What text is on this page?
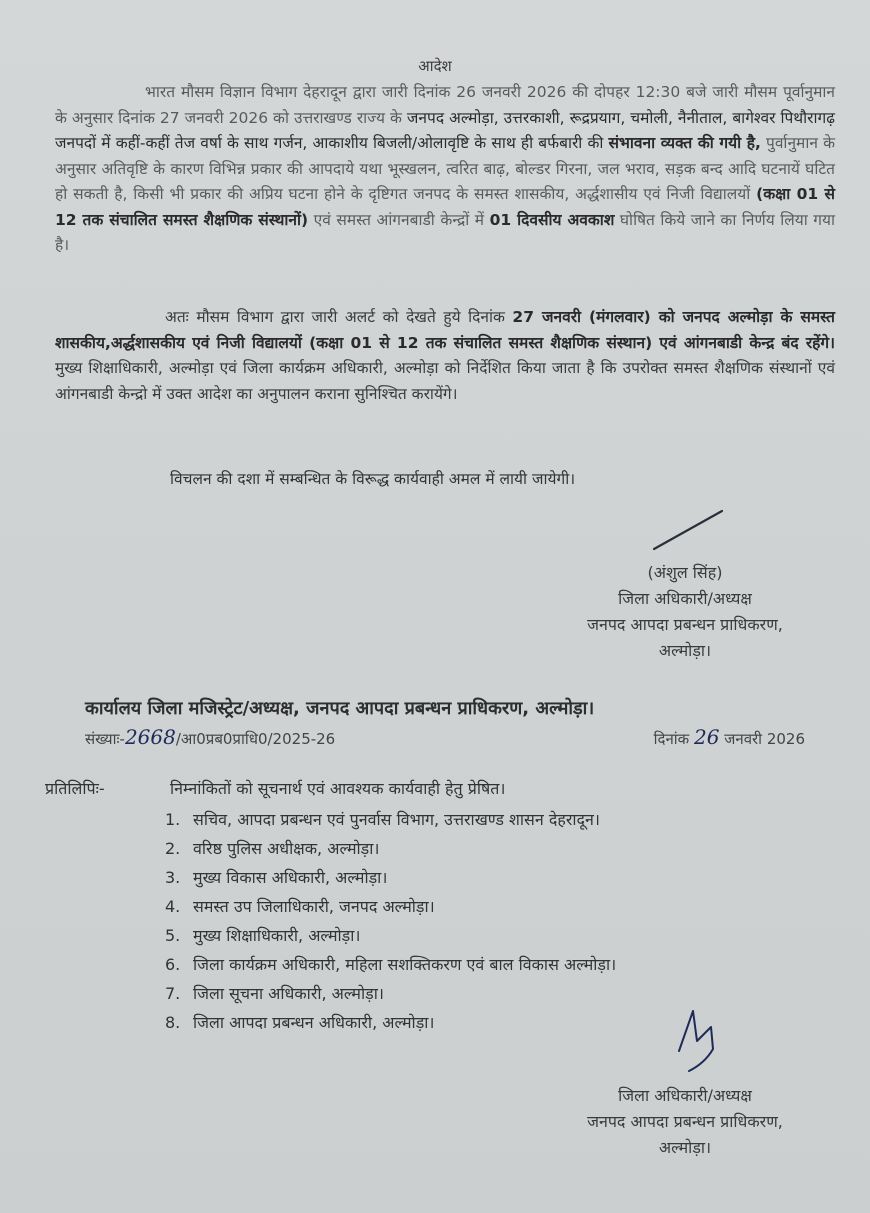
आदेश
भारत मौसम विज्ञान विभाग देहरादून द्वारा जारी दिनांक 26 जनवरी 2026 की दोपहर 12:30 बजे जारी मौसम पूर्वानुमान के अनुसार दिनांक 27 जनवरी 2026 को उत्तराखण्ड राज्य के जनपद अल्मोड़ा, उत्तरकाशी, रूद्रप्रयाग, चमोली, नैनीताल, बागेश्वर पिथौरागढ़ जनपदों में कहीं-कहीं तेज वर्षा के साथ गर्जन, आकाशीय बिजली/ओलावृष्टि के साथ ही बर्फबारी की संभावना व्यक्त की गयी है, पुर्वानुमान के अनुसार अतिवृष्टि के कारण विभिन्न प्रकार की आपदाये यथा भूस्खलन, त्वरित बाढ़, बोल्डर गिरना, जल भराव, सड़क बन्द आदि घटनायें घटित हो सकती है, किसी भी प्रकार की अप्रिय घटना होने के दृष्टिगत जनपद के समस्त शासकीय, अर्द्धशासीय एवं निजी विद्यालयों (कक्षा 01 से 12 तक संचालित समस्त शैक्षणिक संस्थानों) एवं समस्त आंगनबाडी केन्द्रों में 01 दिवसीय अवकाश घोषित किये जाने का निर्णय लिया गया है।
अतः मौसम विभाग द्वारा जारी अलर्ट को देखते हुये दिनांक 27 जनवरी (मंगलवार) को जनपद अल्मोड़ा के समस्त शासकीय,अर्द्धशासकीय एवं निजी विद्यालयों (कक्षा 01 से 12 तक संचालित समस्त शैक्षणिक संस्थान) एवं आंगनबाडी केन्द्र बंद रहेंगे। मुख्य शिक्षाधिकारी, अल्मोड़ा एवं जिला कार्यक्रम अधिकारी, अल्मोड़ा को निर्देशित किया जाता है कि उपरोक्त समस्त शैक्षणिक संस्थानों एवं आंगनबाडी केन्द्रो में उक्त आदेश का अनुपालन कराना सुनिश्चित करायेंगे।
विचलन की दशा में सम्बन्धित के विरूद्ध कार्यवाही अमल में लायी जायेगी।
(अंशुल सिंह)
जिला अधिकारी/अध्यक्ष
जनपद आपदा प्रबन्धन प्राधिकरण,
अल्मोड़ा।
कार्यालय जिला मजिस्ट्रेट/अध्यक्ष, जनपद आपदा प्रबन्धन प्राधिकरण, अल्मोड़ा।
संख्याः-2668/आ0प्रब0प्राधि0/2025-26	दिनांक 26 जनवरी 2026
प्रतिलिपिः-	निम्नांकितों को सूचनार्थ एवं आवश्यक कार्यवाही हेतु प्रेषित।
1. सचिव, आपदा प्रबन्धन एवं पुनर्वास विभाग, उत्तराखण्ड शासन देहरादून।
2. वरिष्ठ पुलिस अधीक्षक, अल्मोड़ा।
3. मुख्य विकास अधिकारी, अल्मोड़ा।
4. समस्त उप जिलाधिकारी, जनपद अल्मोड़ा।
5. मुख्य शिक्षाधिकारी, अल्मोड़ा।
6. जिला कार्यक्रम अधिकारी, महिला सशक्तिकरण एवं बाल विकास अल्मोड़ा।
7. जिला सूचना अधिकारी, अल्मोड़ा।
8. जिला आपदा प्रबन्धन अधिकारी, अल्मोड़ा।
जिला अधिकारी/अध्यक्ष
जनपद आपदा प्रबन्धन प्राधिकरण,
अल्मोड़ा।
